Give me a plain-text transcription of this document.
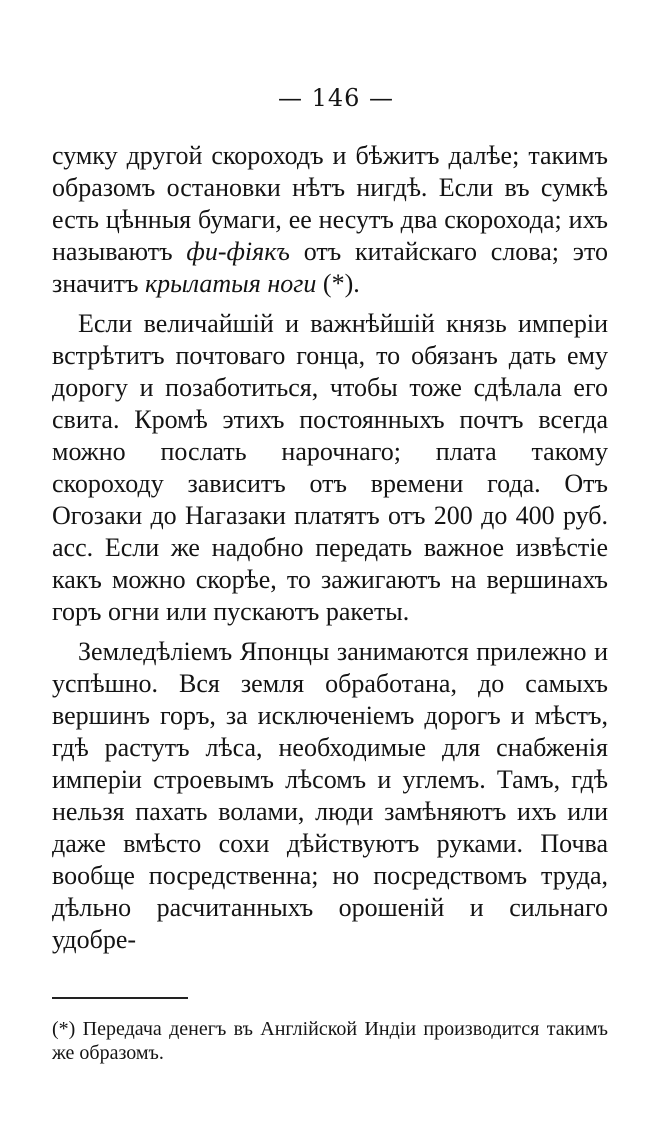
— 146 —

сумку другой скороходъ и бѣжитъ далѣе; такимъ образомъ остановки нѣтъ нигдѣ. Если въ сумкѣ есть цѣнныя бумаги, ее несутъ два скорохода; ихъ называютъ фи-фіякъ отъ китайскаго слова; это значитъ крылатыя ноги (*).

Если величайшій и важнѣйшій князь имперіи встрѣтитъ почтоваго гонца, то обязанъ дать ему дорогу и позаботиться, чтобы тоже сдѣлала его свита. Кромѣ этихъ постоянныхъ почтъ всегда можно послать нарочнаго; плата такому скороходу зависитъ отъ времени года. Отъ Огозаки до Нагазаки платятъ отъ 200 до 400 руб. асс. Если же надобно передать важное извѣстіе какъ можно скорѣе, то зажигаютъ на вершинахъ горъ огни или пускаютъ ракеты.

Земледѣліемъ Японцы занимаются прилежно и успѣшно. Вся земля обработана, до самыхъ вершинъ горъ, за исключеніемъ дорогъ и мѣстъ, гдѣ растутъ лѣса, необходимые для снабженія имперіи строевымъ лѣсомъ и углемъ. Тамъ, гдѣ нельзя пахать волами, люди замѣняютъ ихъ или даже вмѣсто сохи дѣйствуютъ руками. Почва вообще посредственна; но посредствомъ труда, дѣльно расчитанныхъ орошеній и сильнаго удобре-

(*) Передача денегъ въ Англійской Индіи производится такимъ же образомъ.
